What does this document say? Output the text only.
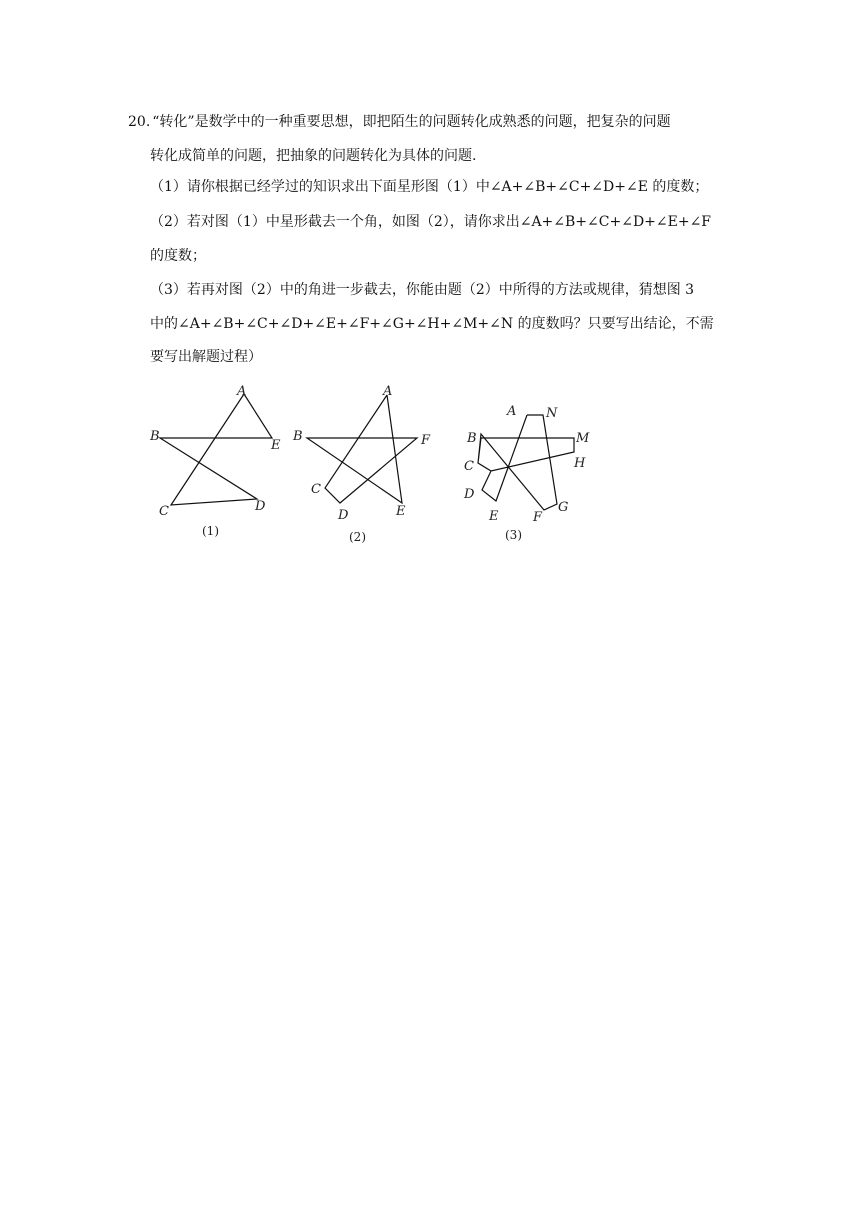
20. “转化”是数学中的一种重要思想，即把陌生的问题转化成熟悉的问题，把复杂的问题
转化成简单的问题，把抽象的问题转化为具体的问题.
（1）请你根据已经学过的知识求出下面星形图（1）中∠A+∠B+∠C+∠D+∠E 的度数；
（2）若对图（1）中星形截去一个角，如图（2），请你求出∠A+∠B+∠C+∠D+∠E+∠F
的度数；
（3）若再对图（2）中的角进一步截去，你能由题（2）中所得的方法或规律，猜想图 3
中的∠A+∠B+∠C+∠D+∠E+∠F+∠G+∠H+∠M+∠N 的度数吗？只要写出结论，不需
要写出解题过程）
A
B
C	D
E
(1)
A
B
C
D	E
F
(2)
A N
B	M
C	H
D
E	F
G
(3)
